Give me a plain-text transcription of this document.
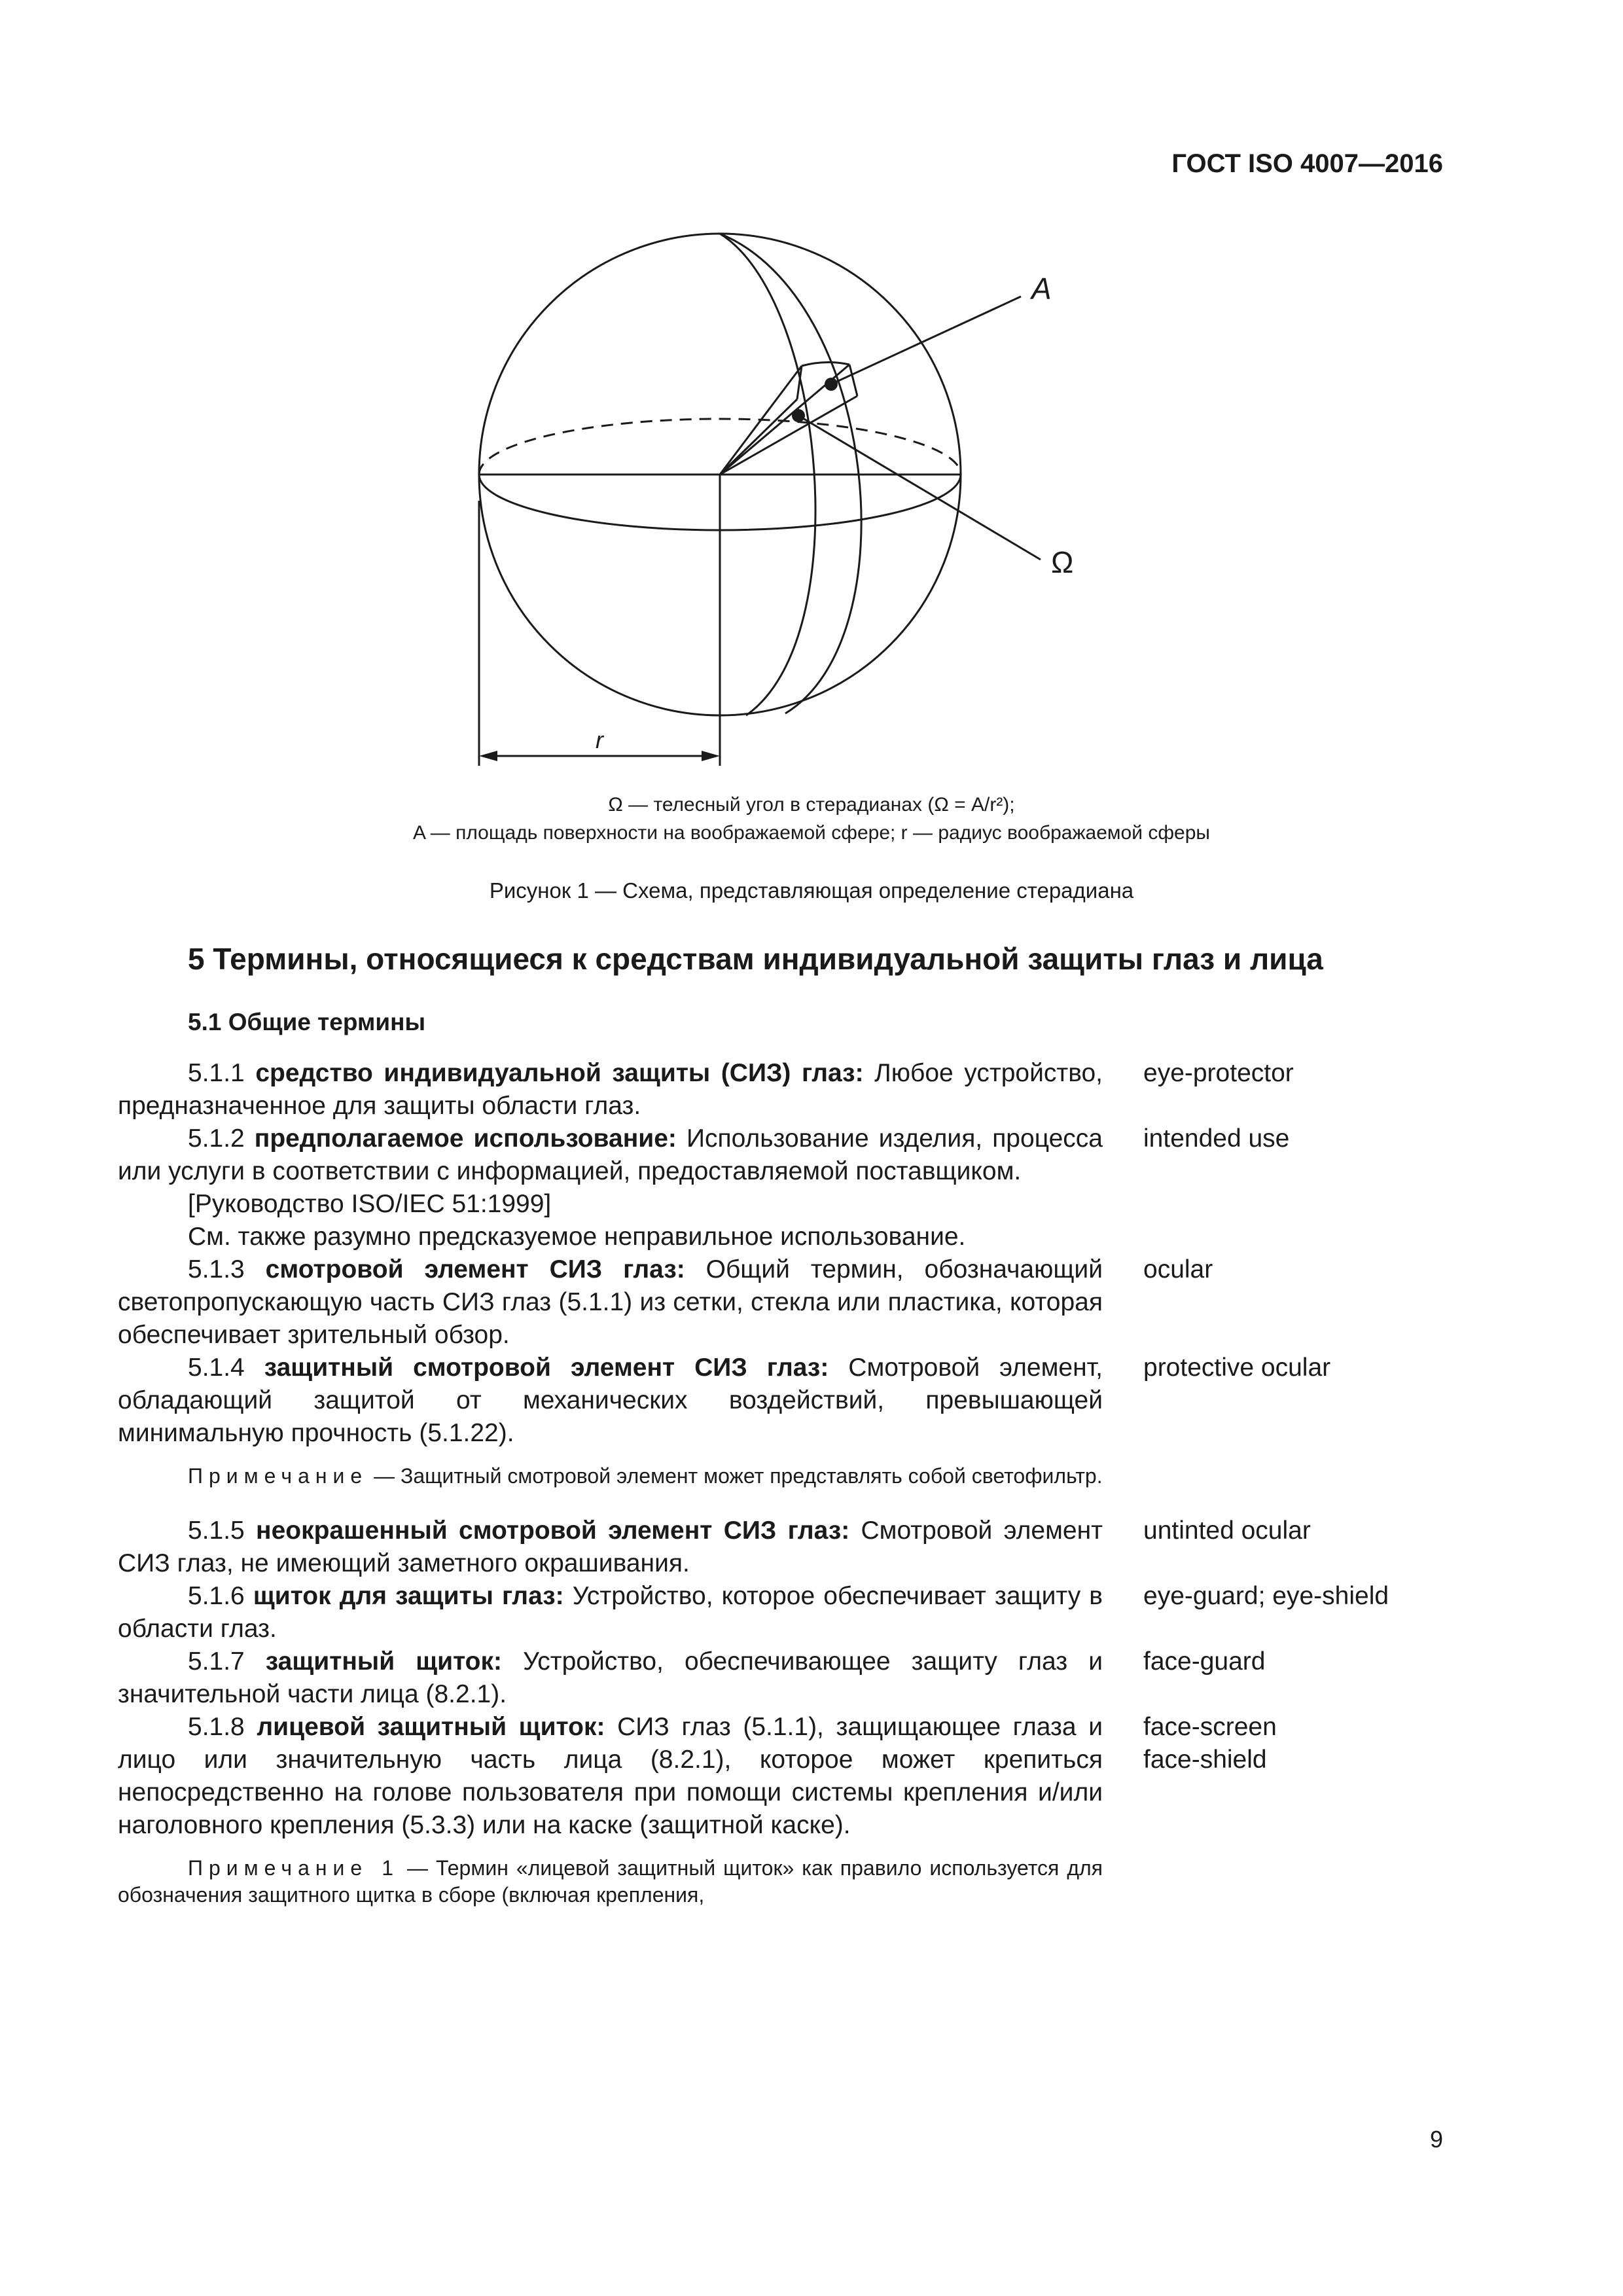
ГОСТ ISO 4007—2016
A
Ω
r
Ω — телесный угол в стерадианах (Ω = A/r²);
A — площадь поверхности на воображаемой сфере; r — радиус воображаемой сферы
Рисунок 1 — Схема, представляющая определение стерадиана
5 Термины, относящиеся к средствам индивидуальной защиты глаз и лица
5.1 Общие термины
5.1.1 средство индивидуальной защиты (СИЗ) глаз: Любое устройство, предназначенное для защиты области глаз.
eye-protector
5.1.2 предполагаемое использование: Использование изделия, процесса или услуги в соответствии с информацией, предоставляемой поставщиком.
intended use
[Руководство ISO/IEC 51:1999]
См. также разумно предсказуемое неправильное использование.
5.1.3 смотровой элемент СИЗ глаз: Общий термин, обозначающий светопропускающую часть СИЗ глаз (5.1.1) из сетки, стекла или пластика, которая обеспечивает зрительный обзор.
ocular
5.1.4 защитный смотровой элемент СИЗ глаз: Смотровой элемент, обладающий защитой от механических воздействий, превышающей минимальную прочность (5.1.22).
protective ocular
Примечание — Защитный смотровой элемент может представлять собой светофильтр.
5.1.5 неокрашенный смотровой элемент СИЗ глаз: Смотровой элемент СИЗ глаз, не имеющий заметного окрашивания.
untinted ocular
5.1.6 щиток для защиты глаз: Устройство, которое обеспечивает защиту в области глаз.
eye-guard; eye-shield
5.1.7 защитный щиток: Устройство, обеспечивающее защиту глаз и значительной части лица (8.2.1).
face-guard
5.1.8 лицевой защитный щиток: СИЗ глаз (5.1.1), защищающее глаза и лицо или значительную часть лица (8.2.1), которое может крепиться непосредственно на голове пользователя при помощи системы крепления и/или наголовного крепления (5.3.3) или на каске (защитной каске).
face-screen
face-shield
Примечание 1 — Термин «лицевой защитный щиток» как правило используется для обозначения защитного щитка в сборе (включая крепления,
9
